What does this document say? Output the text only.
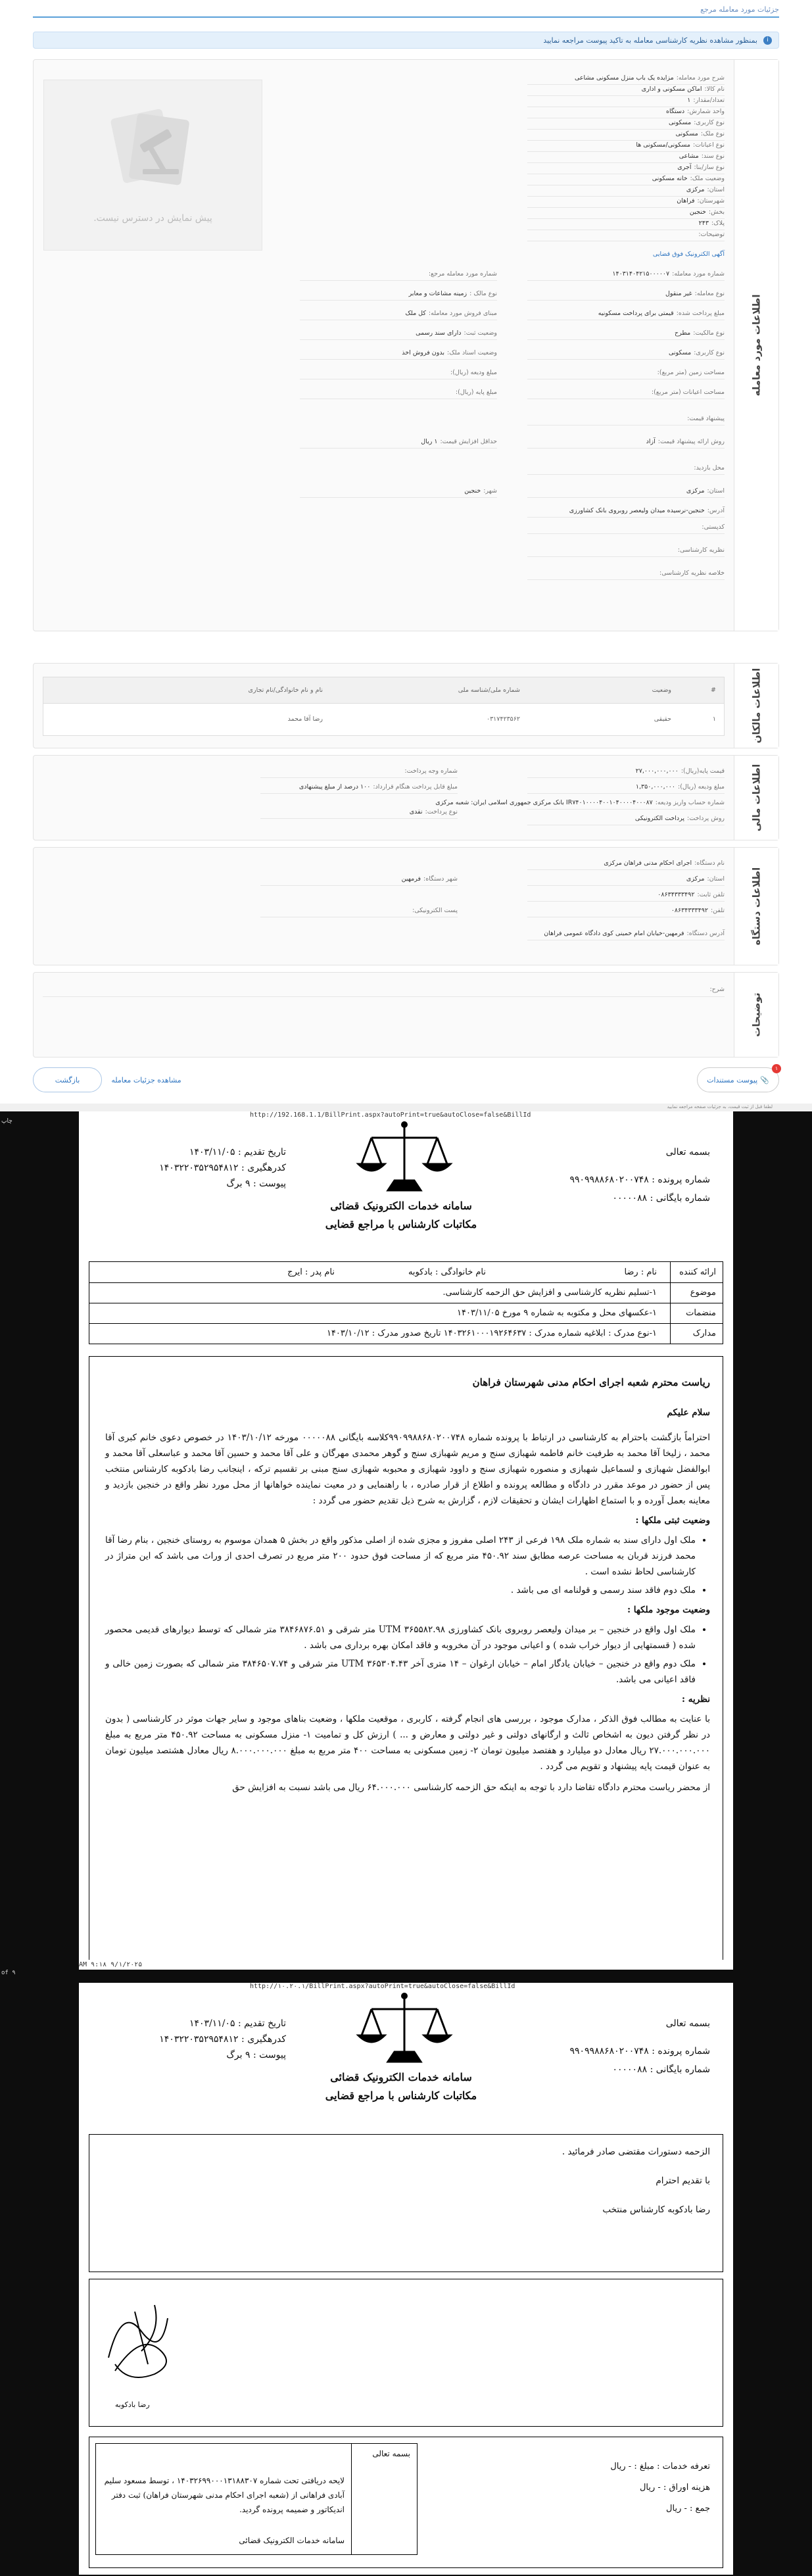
جزئیات مورد معامله مرجع
i
بمنظور مشاهده نظریه کارشناسی معامله به تاکید پیوست مراجعه نمایید
اطلاعات مورد معامله
پیش نمایش در دسترس نیست.
شرح مورد معامله:مزایده یک باب منزل مسکونی مشاعی
نام کالا:اماکن مسکونی و اداری
تعداد/مقدار:۱
واحد شمارش:دستگاه
نوع کاربری:مسکونی
نوع ملک:مسکونی
نوع اعیانات:مسکونی/مسکونی ها
نوع سند:مشاعی
نوع ساز/بنا:آجری
وضعیت ملک:خانه مسکونی
استان:مرکزی
شهرستان:فراهان
بخش:خنجین
پلاک:۲۴۳
توضیحات:
آگهی الکترونیک فوق قضایی
شماره مورد معامله:۱۴۰۳۱۴۰۴۲۱۵۰۰۰۰۰۷
شماره مورد معامله مرجع:
نوع معامله:غیر منقول
نوع مالک :زمینه مشاعات و معابر
مبلغ پرداخت شده:قیمتی برای پرداخت مسکونیه
مبنای فروش مورد معامله:کل ملک
نوع مالکیت:مطرح
وضعیت ثبت:دارای سند رسمی
نوع کاربری:مسکونی
وضعیت اسناد ملک:بدون فروش اخذ
مساحت زمین (متر مربع):
مبلغ ودیعه (ریال):
مساحت اعیانات (متر مربع):
مبلغ پایه (ریال):
پیشنهاد قیمت:
حداقل افزایش قیمت:۱ ریال	روش ارائه پیشنهاد قیمت:آزاد
محل بازدید:
استان:مرکزی
شهر:خنجین
آدرس:خنجین-نرسیده میدان ولیعصر روبروی بانک کشاورزی
کدپستی:
نظریه کارشناسی:
خلاصه نظریه کارشناسی:
اطلاعات مالکان
#
وضعیت
شماره ملی/شناسه ملی
نام و نام خانوادگی/نام تجاری
۱
حقیقی
۰۳۱۷۴۲۳۵۶۲
رضا آقا محمد
اطلاعات مالی
قیمت پایه(ریال):۲۷,۰۰۰,۰۰۰,۰۰۰
شماره وجه پرداخت:
مبلغ ودیعه (ریال):۱,۳۵۰,۰۰۰,۰۰۰
مبلغ قابل پرداخت هنگام قرارداد:۱۰۰ درصد از مبلغ پیشنهادی
شماره حساب واریز ودیعه:IR۷۴۰۱۰۰۰۰۴۰۰۱۰۴۰۰۰۰۴۰۰۰۸۷ بانک مرکزی جمهوری اسلامی ایران: شعبه مرکزی
نوع پرداخت:نقدی
روش پرداخت:پرداخت الکترونیکی
اطلاعات دستگاه
نام دستگاه:اجرای احکام مدنی فراهان مرکزی
استان:مرکزی
شهر دستگاه:فرمهین
تلفن ثابت:۰۸۶۳۴۳۳۳۴۹۲
تلفن:۰۸۶۳۴۳۳۳۴۹۲
پست الکترونیکی:
آدرس دستگاه:فرمهین-خیابان امام خمینی کوی دادگاه عمومی فراهان
توضیحات
شرح:
📎
پیوست مستندات
۱
مشاهده جزئیات معامله
بازگشت
لطفا قبل از ثبت قیمت، به جزئیات صفحه مراجعه نمایید
چاپ
http://192.168.1.1/BillPrint.aspx?autoPrint=true&autoClose=false&BillId
بسمه تعالی
شماره پرونده : ۹۹۰۹۹۸۸۶۸۰۲۰۰۷۴۸
شماره بایگانی : ۰۰۰۰۰۸۸
سامانه خدمات الکترونیک قضائی
مکاتبات کارشناس با مراجع قضایی
تاریخ تقدیم : ۱۴۰۳/۱۱/۰۵
کدرهگیری : ۱۴۰۳۲۲۰۳۵۲۹۵۴۸۱۲
پیوست : ۹ برگ
ارائه کننده
نام : رضا
نام خانوادگی : بادکوبه
نام پدر : ایرج
موضوع
۱-تسلیم نظریه کارشناسی و افزایش حق الزحمه کارشناسی.
منضمات
۱-عکسهای محل و مکتوبه به شماره ۹ مورخ ۱۴۰۳/۱۱/۰۵
مدارک
۱-نوع مدرک : ابلاغیه شماره مدرک : ۱۴۰۳۲۶۱۰۰۰۱۹۲۶۴۶۳۷ تاریخ صدور مدرک : ۱۴۰۳/۱۰/۱۲

ریاست محترم شعبه اجرای احکام مدنی شهرستان فراهان

سلام علیکم

احتراماً بازگشت باحترام به کارشناسی در ارتباط با پرونده شماره ۹۹۰۹۹۸۸۶۸۰۲۰۰۷۴۸کلاسه بایگانی ۰۰۰۰۰۸۸ مورخه ۱۴۰۳/۱۰/۱۲ در خصوص دعوی خانم کبری آقا محمد ، زلیخا آقا محمد به طرفیت خانم فاطمه شهبازی سنج و مریم شهبازی سنج و گوهر محمدی مهرگان و علی آقا محمد و حسین آقا محمد و عباسعلی آقا محمد و ابوالفضل شهبازی و لسماعیل شهبازی و منصوره شهبازی سنج و داوود شهبازی و محبوبه شهبازی سنج مبنی بر تقسیم ترکه ، اینجانب رضا بادکوبه کارشناس منتخب پس از حضور در موعد مقرر در دادگاه و مطالعه پرونده و اطلاع از قرار صادره ، با راهنمایی و در معیت نماینده خواهانها از محل مورد نظر واقع در خنجین بازدید و معاینه بعمل آورده و با استماع اظهارات ایشان و تحقیقات لازم ، گزارش به شرح ذیل تقدیم حضور می گردد :

وضعیت ثبتی ملکها :

• ملک اول دارای سند به شماره ملک ۱۹۸ فرعی از ۲۴۳ اصلی مفروز و مجزی شده از اصلی مذکور واقع در بخش ۵ همدان موسوم به روستای خنجین ، بنام رضا آقا محمد فرزند قربان به مساحت عرصه مطابق سند ۴۵۰.۹۲ متر مربع که از مساحت فوق حدود ۲۰۰ متر مربع در تصرف احدی از وراث می باشد که این متراژ در کارشناسی لحاظ نشده است .
• ملک دوم فاقد سند رسمی و قولنامه ای می باشد .

وضعیت موجود ملکها :

• ملک اول واقع در خنجین – بر میدان ولیعصر روبروی بانک کشاورزی UTM ۳۶۵۵۸۲.۹۸ متر شرقی و ۳۸۴۶۸۷۶.۵۱ متر شمالی که توسط دیوارهای قدیمی محصور شده ( قسمتهایی از دیوار خراب شده ) و اعیانی موجود در آن مخروبه و فاقد امکان بهره برداری می باشد .
• ملک دوم واقع در خنجین – خیابان یادگار امام – خیابان ارغوان – ۱۴ متری آخر UTM ۳۶۵۳۰۴.۴۳ متر شرقی و ۳۸۴۶۵۰۷.۷۴ متر شمالی که بصورت زمین خالی و فاقد اعیانی می باشد.

نظریه :

با عنایت به مطالب فوق الذکر ، مدارک موجود ، بررسی های انجام گرفته ، کاربری ، موقعیت ملکها ، وضعیت بناهای موجود و سایر جهات موثر در کارشناسی ( بدون در نظر گرفتن دیون به اشخاص ثالث و ارگانهای دولتی و غیر دولتی و معارض و ... ) ارزش کل و تمامیت ۱- منزل مسکونی به مساحت ۴۵۰.۹۲ متر مربع به مبلغ ۲۷.۰۰۰.۰۰۰.۰۰۰ ریال معادل دو میلیارد و هفتصد میلیون تومان ۲- زمین مسکونی به مساحت ۴۰۰ متر مربع به مبلغ ۸.۰۰۰.۰۰۰.۰۰۰ ریال معادل هشتصد میلیون تومان به عنوان قیمت پایه پیشنهاد و تقویم می گردد .

از محضر ریاست محترم دادگاه تقاضا دارد با توجه به اینکه حق الزحمه کارشناسی ۶۴.۰۰۰.۰۰۰ ریال می باشد نسبت به افزایش حق

AM ۹:۱۸ ۹/۱/۲۰۲۵
of ۹
http://۱۰.۲۰.۱/BillPrint.aspx?autoPrint=true&autoClose=false&BillId
بسمه تعالی
شماره پرونده : ۹۹۰۹۹۸۸۶۸۰۲۰۰۷۴۸
شماره بایگانی : ۰۰۰۰۰۸۸
سامانه خدمات الکترونیک قضائی
مکاتبات کارشناس با مراجع قضایی
تاریخ تقدیم : ۱۴۰۳/۱۱/۰۵
کدرهگیری : ۱۴۰۳۲۲۰۳۵۲۹۵۴۸۱۲
پیوست : ۹ برگ

الزحمه دستورات مقتضی صادر فرمائید .

با تقدیم احترام

رضا بادکوبه کارشناس منتخب

رضا بادکوبه
تعرفه خدمات : مبلغ : - ریال
هزینه اوراق : - ریال
جمع : - ریال
بسمه تعالی
لایحه دریافتی تحت شماره ۱۴۰۳۲۶۹۹۰۰۰۱۳۱۸۸۳۰۷ ، توسط مسعود سلیم آبادی فراهانی از (شعبه اجرای احکام مدنی شهرستان فراهان) ثبت دفتر اندیکاتور و ضمیمه پرونده گردید.
سامانه خدمات الکترونیک قضائی
